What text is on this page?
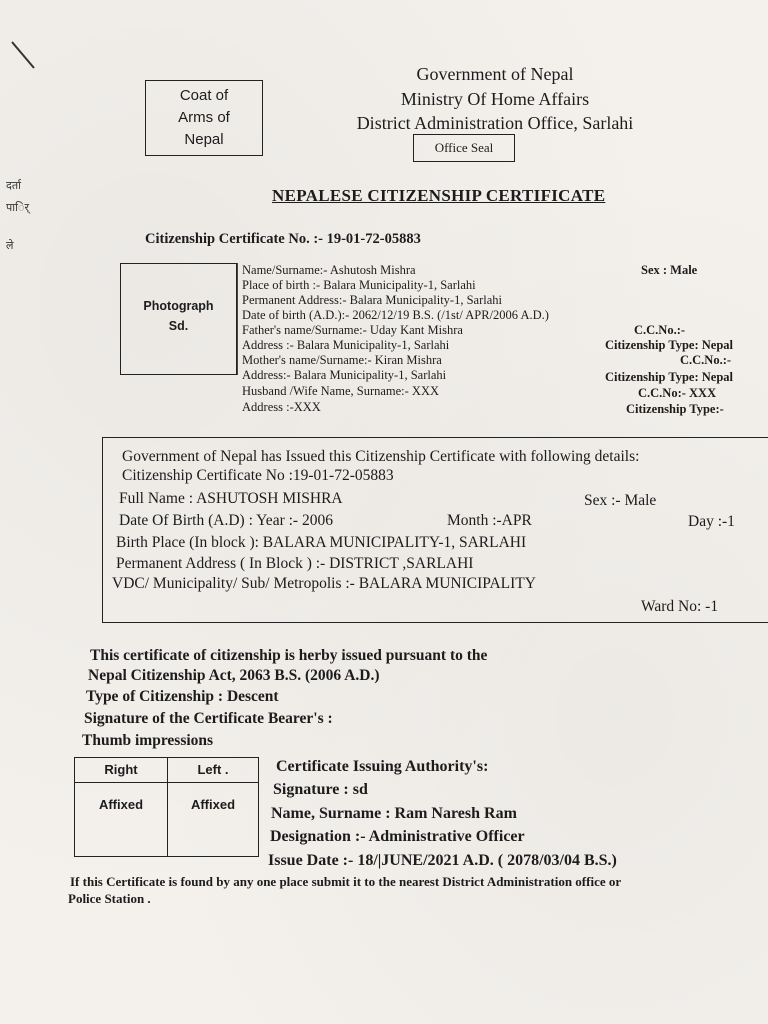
Coat of
Arms of
Nepal
Government of Nepal
Ministry Of Home Affairs
District Administration Office, Sarlahi
Office Seal
NEPALESE CITIZENSHIP CERTIFICATE
Citizenship Certificate No. :- 19-01-72-05883
Photograph
Sd.
Name/Surname:- Ashutosh Mishra
Place of birth :- Balara Municipality-1, Sarlahi
Permanent Address:- Balara Municipality-1, Sarlahi
Date of birth (A.D.):- 2062/12/19 B.S. (/1st/ APR/2006 A.D.)
Father's name/Surname:- Uday Kant Mishra
Address :- Balara Municipality-1, Sarlahi
Mother's name/Surname:- Kiran Mishra
Address:- Balara Municipality-1, Sarlahi
Husband /Wife Name, Surname:- XXX
Address :-XXX
Sex : Male
C.C.No.:-
Citizenship Type: Nepal
C.C.No.:-
Citizenship Type: Nepal
C.C.No:- XXX
Citizenship Type:-
Government of Nepal has Issued this Citizenship Certificate with following details:
Citizenship Certificate No :19-01-72-05883
Full Name : ASHUTOSH MISHRA	Sex :- Male
Date Of Birth (A.D) : Year :- 2006	Month :-APR	Day :-1
Birth Place (In block ): BALARA MUNICIPALITY-1, SARLAHI
Permanent Address ( In Block ) :- DISTRICT ,SARLAHI
VDC/ Municipality/ Sub/ Metropolis :- BALARA MUNICIPALITY
Ward No: -1
This certificate of citizenship is herby issued pursuant to the
Nepal Citizenship Act, 2063 B.S. (2006 A.D.)
Type of Citizenship : Descent
Signature of the Certificate Bearer's :
Thumb impressions
Right	Left .
Affixed	Affixed
Certificate Issuing Authority's:
Signature : sd
Name, Surname : Ram Naresh Ram
Designation :- Administrative Officer
Issue Date :- 18/|JUNE/2021 A.D. ( 2078/03/04 B.S.)
If this Certificate is found by any one place submit it to the nearest District Administration office or
Police Station .
दर्ता
पार्ि
ले
